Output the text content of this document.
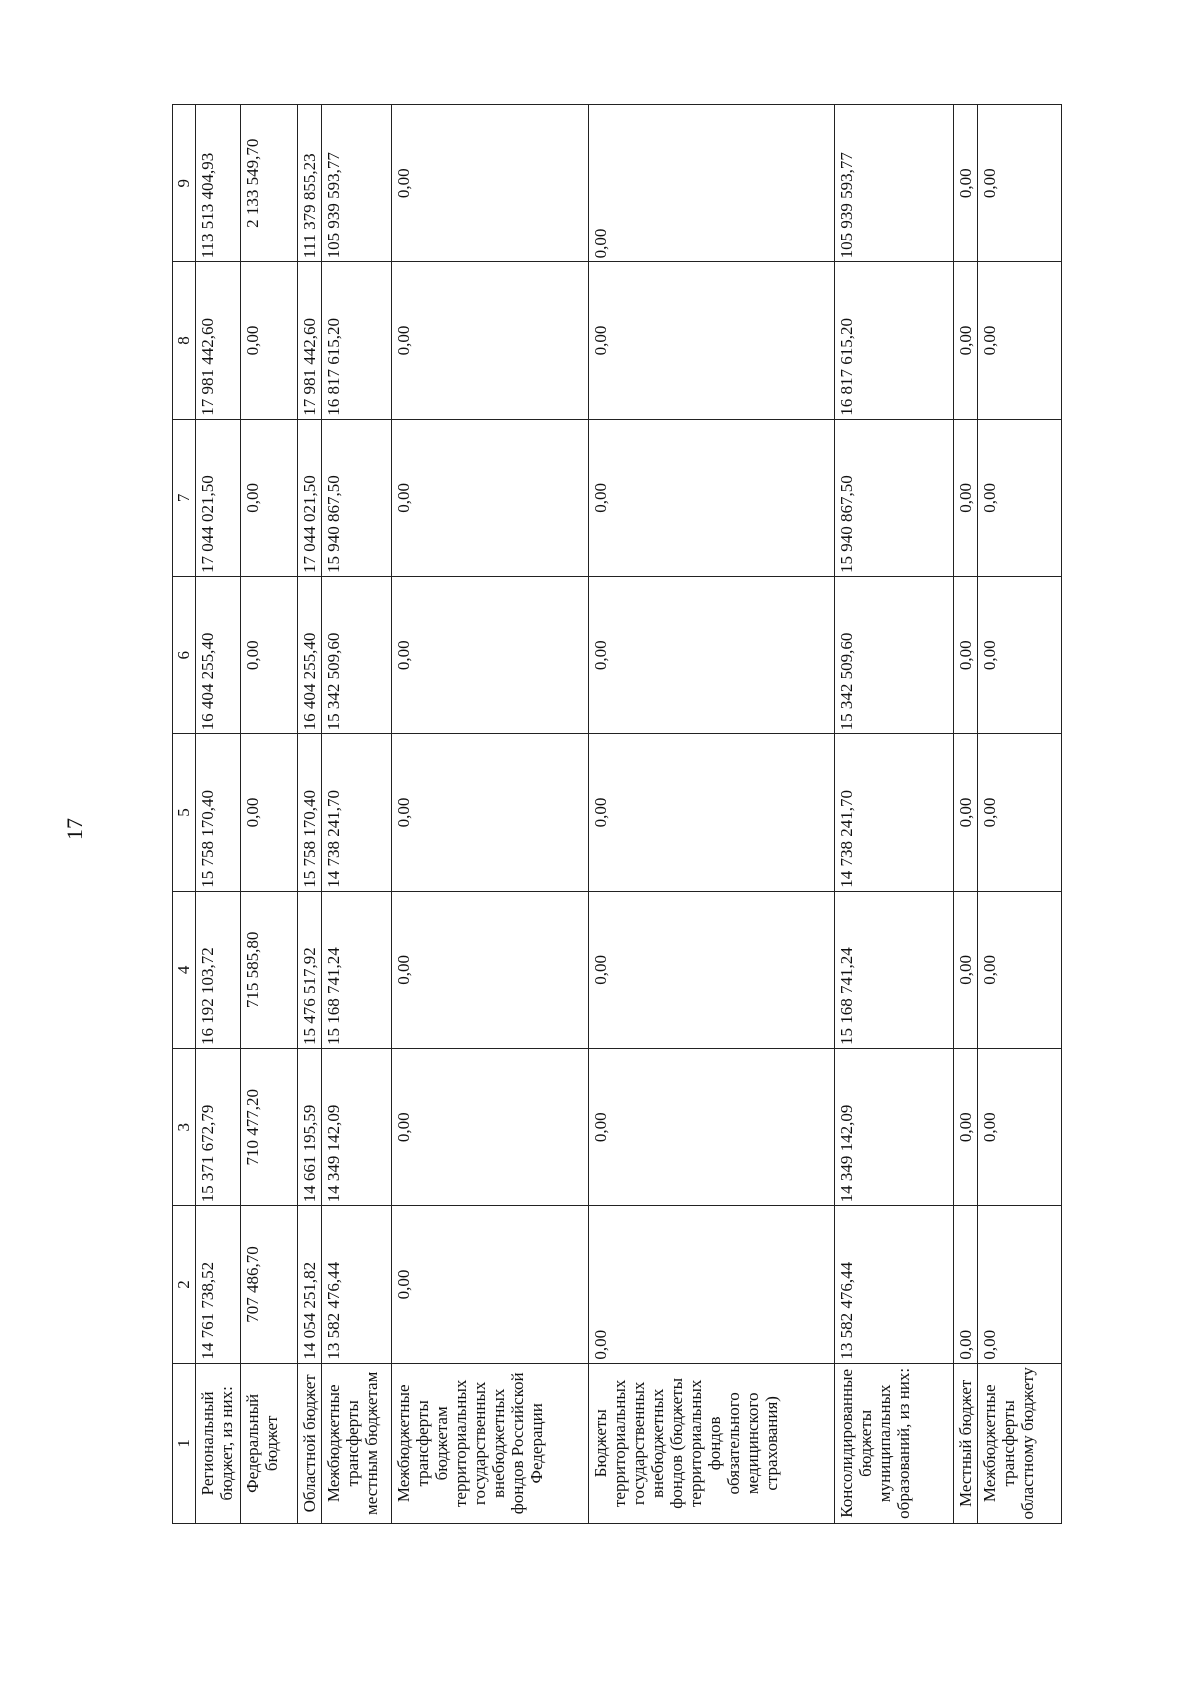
17
1	2	3	4	5	6	7	8	9
Региональный бюджет, из них:	14 761 738,52	15 371 672,79	16 192 103,72	15 758 170,40	16 404 255,40	17 044 021,50	17 981 442,60	113 513 404,93
Федеральный бюджет	707 486,70	710 477,20	715 585,80	0,00	0,00	0,00	0,00	2 133 549,70
Областной бюджет	14 054 251,82	14 661 195,59	15 476 517,92	15 758 170,40	16 404 255,40	17 044 021,50	17 981 442,60	111 379 855,23
Межбюджетные трансферты местным бюджетам	13 582 476,44	14 349 142,09	15 168 741,24	14 738 241,70	15 342 509,60	15 940 867,50	16 817 615,20	105 939 593,77
Межбюджетные трансферты бюджетам территориальных государственных внебюджетных фондов Российской Федерации	0,00	0,00	0,00	0,00	0,00	0,00	0,00	0,00
Бюджеты территориальных государственных внебюджетных фондов (бюджеты территориальных фондов обязательного медицинского страхования)	0,00	0,00	0,00	0,00	0,00	0,00	0,00	0,00
Консолидированные бюджеты муниципальных образований, из них:	13 582 476,44	14 349 142,09	15 168 741,24	14 738 241,70	15 342 509,60	15 940 867,50	16 817 615,20	105 939 593,77
Местный бюджет	0,00	0,00	0,00	0,00	0,00	0,00	0,00	0,00
Межбюджетные трансферты областному бюджету	0,00	0,00	0,00	0,00	0,00	0,00	0,00	0,00
